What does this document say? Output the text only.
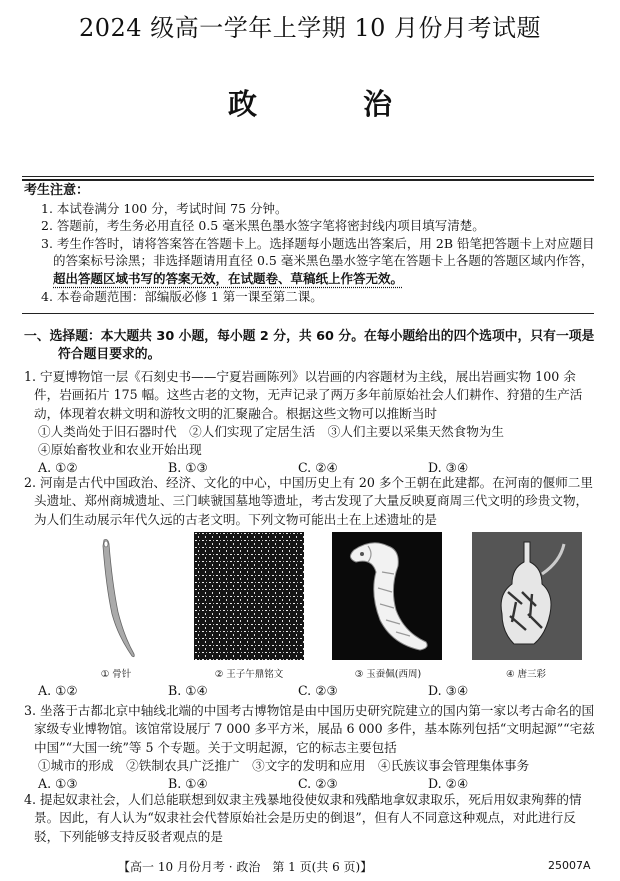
2024 级高一学年上学期 10 月份月考试题
政 治
考生注意：
1. 本试卷满分 100 分，考试时间 75 分钟。
2. 答题前，考生务必用直径 0.5 毫米黑色墨水签字笔将密封线内项目填写清楚。
3. 考生作答时，请将答案答在答题卡上。选择题每小题选出答案后，用 2B 铅笔把答题卡上对应题目的答案标号涂黑；非选择题请用直径 0.5 毫米黑色墨水签字笔在答题卡上各题的答题区域内作答，超出答题区域书写的答案无效，在试题卷、草稿纸上作答无效。
4. 本卷命题范围：部编版必修 1 第一课至第二课。
一、选择题：本大题共 30 小题，每小题 2 分，共 60 分。在每小题给出的四个选项中，只有一项是
符合题目要求的。
1. 宁夏博物馆一层《石刻史书——宁夏岩画陈列》以岩画的内容题材为主线，展出岩画实物 100 余件，岩画拓片 175 幅。这些古老的文物，无声记录了两万多年前原始社会人们耕作、狩猎的生产活动，体现着农耕文明和游牧文明的汇聚融合。根据这些文物可以推断当时
①人类尚处于旧石器时代　②人们实现了定居生活　③人们主要以采集天然食物为生
④原始畜牧业和农业开始出现
A. ①②	B. ①③	C. ②④	D. ③④
2. 河南是古代中国政治、经济、文化的中心，中国历史上有 20 多个王朝在此建都。在河南的偃师二里头遗址、郑州商城遗址、三门峡虢国墓地等遗址，考古发现了大量反映夏商周三代文明的珍贵文物，为人们生动展示年代久远的古老文明。下列文物可能出土在上述遗址的是
① 骨针	② 王子午鼎铭文	③ 玉蚕佩(西周)	④ 唐三彩
A. ①②	B. ①④	C. ②③	D. ③④
3. 坐落于古都北京中轴线北端的中国考古博物馆是由中国历史研究院建立的国内第一家以考古命名的国家级专业博物馆。该馆常设展厅 7 000 多平方米，展品 6 000 多件，基本陈列包括“文明起源”“宅兹中国”“大国一统”等 5 个专题。关于文明起源，它的标志主要包括
①城市的形成　②铁制农具广泛推广　③文字的发明和应用　④氏族议事会管理集体事务
A. ①③	B. ①④	C. ②③	D. ②④
4. 提起奴隶社会，人们总能联想到奴隶主残暴地役使奴隶和残酷地拿奴隶取乐，死后用奴隶殉葬的情景。因此，有人认为“奴隶社会代替原始社会是历史的倒退”，但有人不同意这种观点，对此进行反驳，下列能够支持反驳者观点的是
【高一 10 月份月考 · 政治　第 1 页(共 6 页)】	25007A
